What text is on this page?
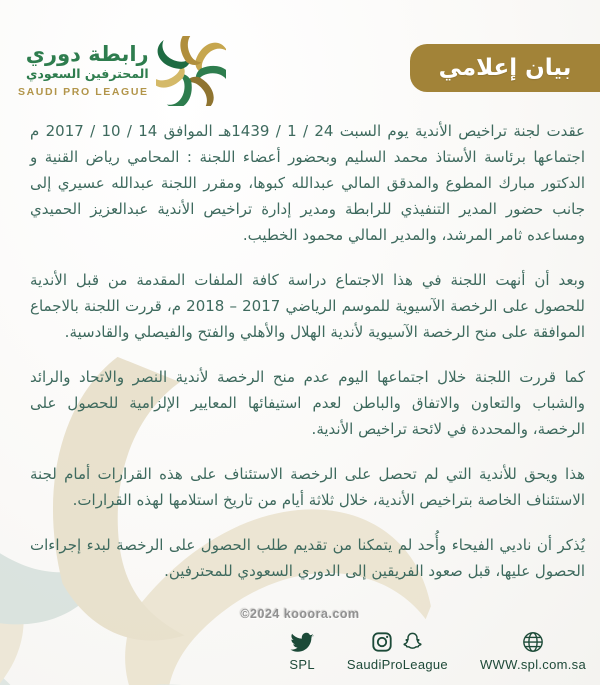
رابطة دوري
المحترفين السعودي
SAUDI PRO LEAGUE
بيان إعلامي

عقدت لجنة تراخيص الأندية يوم السبت 24 / 1 / 1439هـ الموافق 14 / 10 / 2017 م اجتماعها برئاسة الأستاذ محمد السليم وبحضور أعضاء اللجنة : المحامي رياض القنية و الدكتور مبارك المطوع والمدقق المالي عبدالله كبوها، ومقرر اللجنة عبدالله عسيري إلى جانب حضور المدير التنفيذي للرابطة ومدير إدارة تراخيص الأندية عبدالعزيز الحميدي ومساعده ثامر المرشد، والمدير المالي محمود الخطيب.

وبعد أن أنهت اللجنة في هذا الاجتماع دراسة كافة الملفات المقدمة من قبل الأندية للحصول على الرخصة الآسيوية للموسم الرياضي 2017 – 2018 م، قررت اللجنة بالاجماع الموافقة على منح الرخصة الآسيوية لأندية الهلال والأهلي والفتح والفيصلي والقادسية.

كما قررت اللجنة خلال اجتماعها اليوم عدم منح الرخصة لأندية النصر والاتحاد والرائد والشباب والتعاون والاتفاق والباطن لعدم استيفائها المعايير الإلزامية للحصول على الرخصة، والمحددة في لائحة تراخيص الأندية.

هذا ويحق للأندية التي لم تحصل على الرخصة الاستئناف على هذه القرارات أمام لجنة الاستئناف الخاصة بتراخيص الأندية، خلال ثلاثة أيام من تاريخ استلامها لهذه القرارات.

يُذكر أن ناديي الفيحاء وأُحد لم يتمكنا من تقديم طلب الحصول على الرخصة لبدء إجراءات الحصول عليها، قبل صعود الفريقين إلى الدوري السعودي للمحترفين.

©2024 kooora.com
SPL SaudiProLeague WWW.spl.com.sa
